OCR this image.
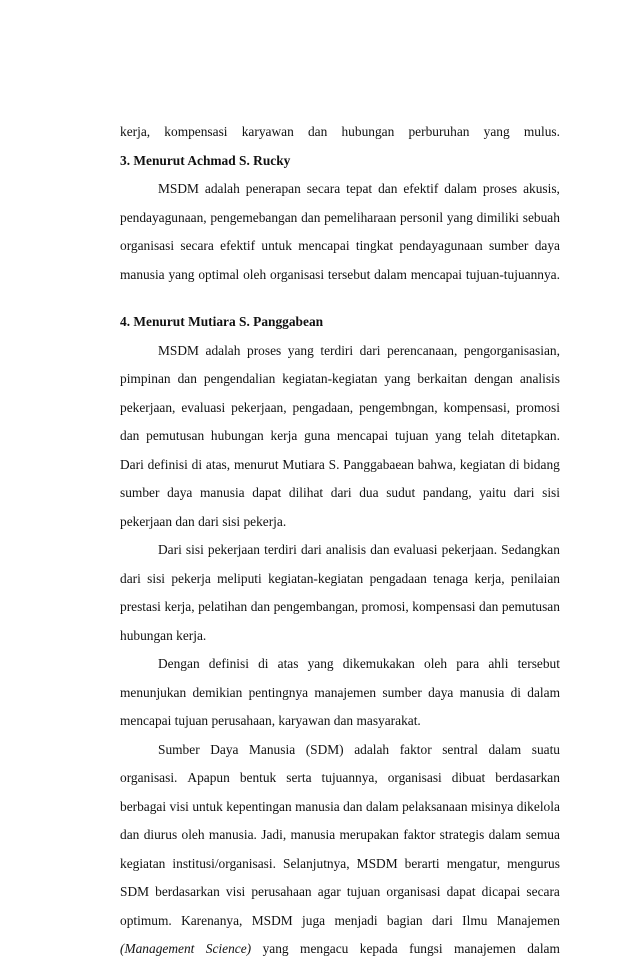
kerja, kompensasi karyawan dan hubungan perburuhan yang mulus.
3. Menurut Achmad S. Rucky
MSDM adalah penerapan secara tepat dan efektif dalam proses akusis,
pendayagunaan, pengemebangan dan pemeliharaan personil yang dimiliki sebuah
organisasi secara efektif untuk mencapai tingkat pendayagunaan sumber daya
manusia yang optimal oleh organisasi tersebut dalam mencapai tujuan-tujuannya.
4. Menurut Mutiara S. Panggabean
MSDM adalah proses yang terdiri dari perencanaan, pengorganisasian,
pimpinan dan pengendalian kegiatan-kegiatan yang berkaitan dengan analisis
pekerjaan, evaluasi pekerjaan, pengadaan, pengembngan, kompensasi, promosi
dan pemutusan hubungan kerja guna mencapai tujuan yang telah ditetapkan.
Dari definisi di atas, menurut Mutiara S. Panggabaean bahwa, kegiatan di bidang
sumber daya manusia dapat dilihat dari dua sudut pandang, yaitu dari sisi
pekerjaan dan dari sisi pekerja.
Dari sisi pekerjaan terdiri dari analisis dan evaluasi pekerjaan. Sedangkan
dari sisi pekerja meliputi kegiatan-kegiatan pengadaan tenaga kerja, penilaian
prestasi kerja, pelatihan dan pengembangan, promosi, kompensasi dan pemutusan
hubungan kerja.
Dengan definisi di atas yang dikemukakan oleh para ahli tersebut
menunjukan demikian pentingnya manajemen sumber daya manusia di dalam
mencapai tujuan perusahaan, karyawan dan masyarakat.
Sumber Daya Manusia (SDM) adalah faktor sentral dalam suatu
organisasi. Apapun bentuk serta tujuannya, organisasi dibuat berdasarkan
berbagai visi untuk kepentingan manusia dan dalam pelaksanaan misinya dikelola
dan diurus oleh manusia. Jadi, manusia merupakan faktor strategis dalam semua
kegiatan institusi/organisasi. Selanjutnya, MSDM berarti mengatur, mengurus
SDM berdasarkan visi perusahaan agar tujuan organisasi dapat dicapai secara
optimum. Karenanya, MSDM juga menjadi bagian dari Ilmu Manajemen
(Management Science) yang mengacu kepada fungsi manajemen dalam
